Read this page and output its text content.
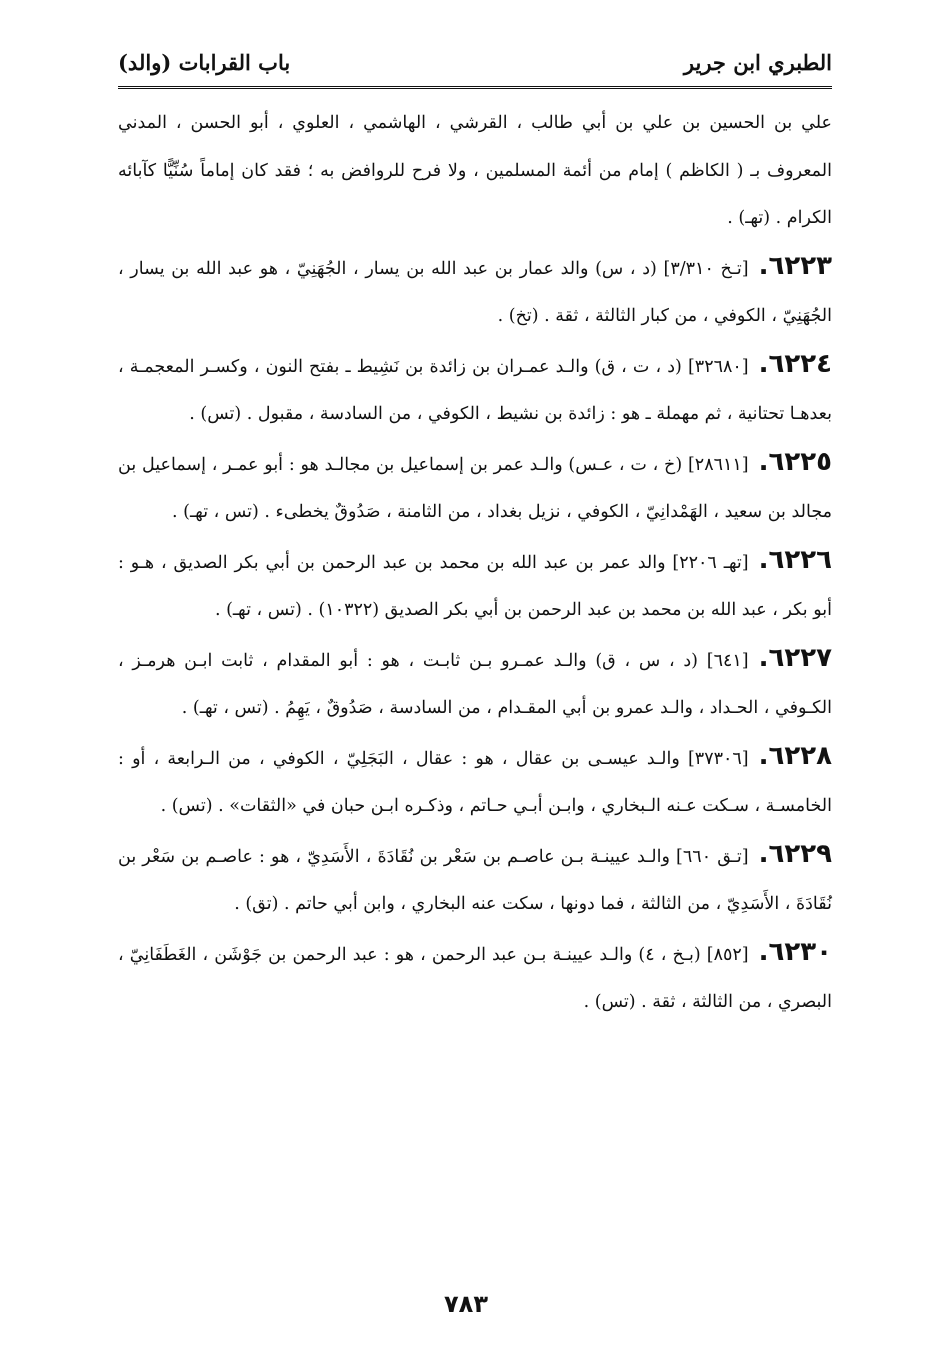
الطبري ابن جرير
باب القرابات (والد)

علي بن الحسين بن علي بن أبي طالب ، القرشي ، الهاشمي ، العلوي ، أبو الحسن ، المدني المعروف بـ ( الكاظم ) إمام من أئمة المسلمين ، ولا فرح للروافض به ؛ فقد كان إماماً سُنِّيًّا كآبائه الكرام . (تهـ) .

٦٢٢٣.[تـخ ٣/٣١٠] (د ، س) والد عمار بن عبد الله بن يسار ، الجُهَنِيّ ، هو عبد الله بن يسار ، الجُهَنِيّ ، الكوفي ، من كبار الثالثة ، ثقة . (تخ) .

٦٢٢٤.[٣٢٦٨٠] (د ، ت ، ق) والـد عمـران بن زائدة بن نَشِيط ـ بفتح النون ، وكسـر المعجمـة ، بعدهـا تحتانية ، ثم مهملة ـ هو : زائدة بن نشيط ، الكوفي ، من السادسة ، مقبول . (تس) .

٦٢٢٥.[٢٨٦١١] (خ ، ت ، عـس) والـد عمر بن إسماعيل بن مجالـد هو : أبو عمـر ، إسماعيل بن مجالد بن سعيد ، الهَمْدانِيّ ، الكوفي ، نزيل بغداد ، من الثامنة ، صَدُوقٌ يخطىء . (تس ، تهـ) .

٦٢٢٦.[تهـ ٢٢٠٦] والد عمر بن عبد الله بن محمد بن عبد الرحمن بن أبي بكر الصديق ، هـو : أبو بكر ، عبد الله بن محمد بن عبد الرحمن بن أبي بكر الصديق (١٠٣٢٢) . (تس ، تهـ) .

٦٢٢٧.[٦٤١] (د ، س ، ق) والـد عمـرو بـن ثابـت ، هو : أبو المقدام ، ثابت ابـن هرمـز ، الكـوفي ، الحـداد ، والـد عمرو بن أبي المقـدام ، من السادسة ، صَدُوقٌ ، يَهِمُ . (تس ، تهـ) .

٦٢٢٨.[٣٧٣٠٦] والـد عيسـى بن عقال ، هو : عقال ، البَجَلِيّ ، الكوفي ، من الـرابعة ، أو : الخامسـة ، سـكت عـنه الـبخاري ، وابـن أبـي حـاتم ، وذكـره ابـن حبان في «الثقات» . (تس) .

٦٢٢٩.[تـق ٦٦٠] والـد عيينـة بـن عاصـم بن سَعْر بن نُقَادَةَ ، الأَسَدِيّ ، هو : عاصـم بن سَعْر بن نُقَادَةَ ، الأَسَدِيّ ، من الثالثة ، فما دونها ، سكت عنه البخاري ، وابن أبي حاتم . (تق) .

٦٢٣٠.[٨٥٢] (بـخ ، ٤) والـد عيينـة بـن عبد الرحمن ، هو : عبد الرحمن بن جَوْشَن ، الغَطَفَانِيّ ، البصري ، من الثالثة ، ثقة . (تس) .

٧٨٣
